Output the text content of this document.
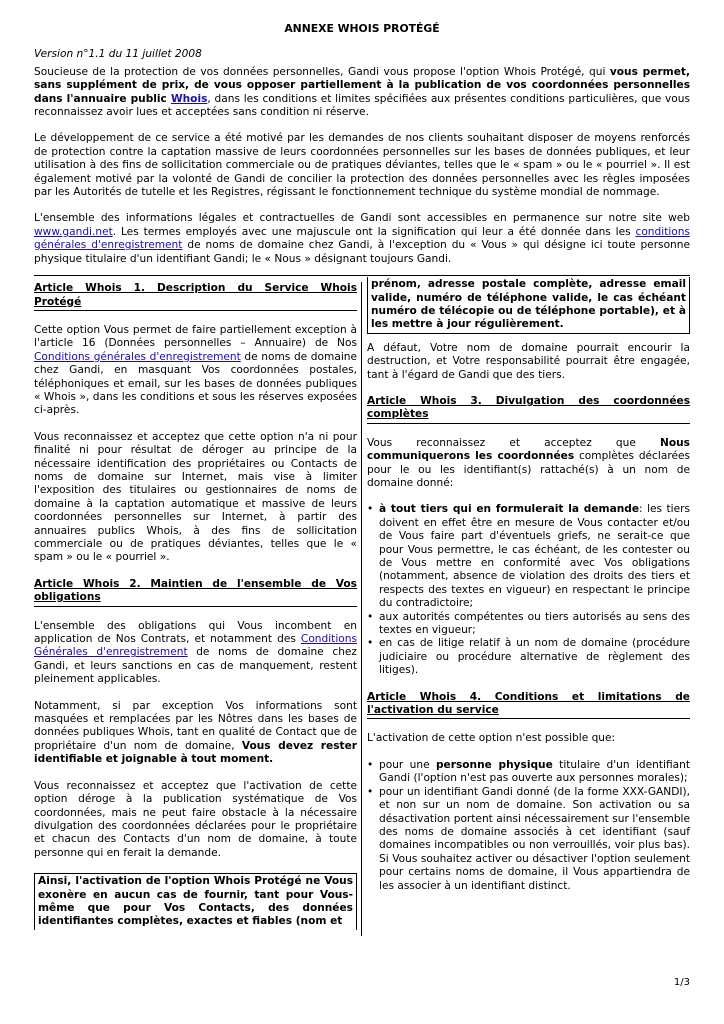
ANNEXE WHOIS PROTÉGÉ
Version n°1.1 du 11 juillet 2008

Soucieuse de la protection de vos données personnelles, Gandi vous propose l'option Whois Protégé, qui vous permet, sans supplément de prix, de vous opposer partiellement à la publication de vos coordonnées personnelles dans l'annuaire public Whois, dans les conditions et limites spécifiées aux présentes conditions particulières, que vous reconnaissez avoir lues et acceptées sans condition ni réserve.

Le développement de ce service a été motivé par les demandes de nos clients souhaitant disposer de moyens renforcés de protection contre la captation massive de leurs coordonnées personnelles sur les bases de données publiques, et leur utilisation à des fins de sollicitation commerciale ou de pratiques déviantes, telles que le « spam » ou le « pourriel ». Il est également motivé par la volonté de Gandi de concilier la protection des données personnelles avec les règles imposées par les Autorités de tutelle et les Registres, régissant le fonctionnement technique du système mondial de nommage.

L'ensemble des informations légales et contractuelles de Gandi sont accessibles en permanence sur notre site web www.gandi.net. Les termes employés avec une majuscule ont la signification qui leur a été donnée dans les conditions générales d'enregistrement de noms de domaine chez Gandi, à l'exception du « Vous » qui désigne ici toute personne physique titulaire d'un identifiant Gandi; le « Nous » désignant toujours Gandi.

Article Whois 1. Description du Service Whois Protégé

Cette option Vous permet de faire partiellement exception à l'article 16 (Données personnelles – Annuaire) de Nos Conditions générales d'enregistrement de noms de domaine chez Gandi, en masquant Vos coordonnées postales, téléphoniques et email, sur les bases de données publiques « Whois », dans les conditions et sous les réserves exposées ci-après.

Vous reconnaissez et acceptez que cette option n'a ni pour finalité ni pour résultat de déroger au principe de la nécessaire identification des propriétaires ou Contacts de noms de domaine sur Internet, mais vise à limiter l'exposition des titulaires ou gestionnaires de noms de domaine à la captation automatique et massive de leurs coordonnées personnelles sur Internet, à partir des annuaires publics Whois, à des fins de sollicitation commerciale ou de pratiques déviantes, telles que le « spam » ou le « pourriel ».

Article Whois 2. Maintien de l'ensemble de Vos obligations

L'ensemble des obligations qui Vous incombent en application de Nos Contrats, et notamment des Conditions Générales d'enregistrement de noms de domaine chez Gandi, et leurs sanctions en cas de manquement, restent pleinement applicables.

Notamment, si par exception Vos informations sont masquées et remplacées par les Nôtres dans les bases de données publiques Whois, tant en qualité de Contact que de propriétaire d'un nom de domaine, Vous devez rester identifiable et joignable à tout moment.

Vous reconnaissez et acceptez que l'activation de cette option déroge à la publication systématique de Vos coordonnées, mais ne peut faire obstacle à la nécessaire divulgation des coordonnées déclarées pour le propriétaire et chacun des Contacts d'un nom de domaine, à toute personne qui en ferait la demande.

Ainsi, l'activation de l'option Whois Protégé ne Vous exonère en aucun cas de fournir, tant pour Vous-même que pour Vos Contacts, des données identifiantes complètes, exactes et fiables (nom et
prénom, adresse postale complète, adresse email valide, numéro de téléphone valide, le cas échéant numéro de télécopie ou de téléphone portable), et à les mettre à jour régulièrement.

A défaut, Votre nom de domaine pourrait encourir la destruction, et Votre responsabilité pourrait être engagée, tant à l'égard de Gandi que des tiers.

Article Whois 3. Divulgation des coordonnées complètes

Vous reconnaissez et acceptez que Nous communiquerons les coordonnées complètes déclarées pour le ou les identifiant(s) rattaché(s) à un nom de domaine donné:

• à tout tiers qui en formulerait la demande: les tiers doivent en effet être en mesure de Vous contacter et/ou de Vous faire part d'éventuels griefs, ne serait-ce que pour Vous permettre, le cas échéant, de les contester ou de Vous mettre en conformité avec Vos obligations (notamment, absence de violation des droits des tiers et respects des textes en vigueur) en respectant le principe du contradictoire;
• aux autorités compétentes ou tiers autorisés au sens des textes en vigueur;
• en cas de litige relatif à un nom de domaine (procédure judiciaire ou procédure alternative de règlement des litiges).
Article Whois 4. Conditions et limitations de l'activation du service

L'activation de cette option n'est possible que:

• pour une personne physique titulaire d'un identifiant Gandi (l'option n'est pas ouverte aux personnes morales);
• pour un identifiant Gandi donné (de la forme XXX-GANDI), et non sur un nom de domaine. Son activation ou sa désactivation portent ainsi nécessairement sur l'ensemble des noms de domaine associés à cet identifiant (sauf domaines incompatibles ou non verrouillés, voir plus bas). Si Vous souhaitez activer ou désactiver l'option seulement pour certains noms de domaine, il Vous appartiendra de les associer à un identifiant distinct.
1/3
